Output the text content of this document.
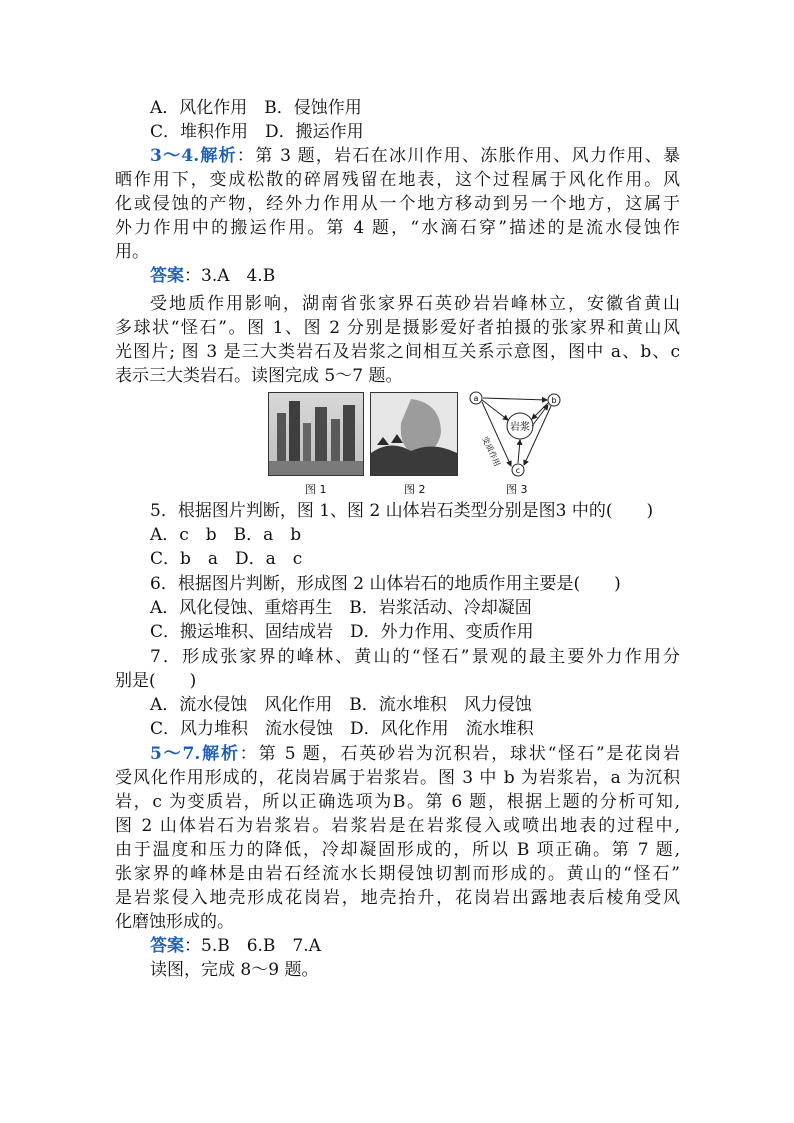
A．风化作用　B．侵蚀作用
C．堆积作用　D．搬运作用
3～4.解析：第 3 题，岩石在冰川作用、冻胀作用、风力作用、暴
晒作用下，变成松散的碎屑残留在地表，这个过程属于风化作用。风
化或侵蚀的产物，经外力作用从一个地方移动到另一个地方，这属于
外力作用中的搬运作用。第 4 题，“水滴石穿”描述的是流水侵蚀作
用。
答案：3.A　4.B
受地质作用影响，湖南省张家界石英砂岩岩峰林立，安徽省黄山
多球状“怪石”。图 1、图 2 分别是摄影爱好者拍摄的张家界和黄山风
光图片; 图 3 是三大类岩石及岩浆之间相互关系示意图，图中 a、b、c
表示三大类岩石。读图完成 5～7 题。
a	b
c
岩浆
变质作用
图 1	图 2	图 3
5．根据图片判断，图 1、图 2 山体岩石类型分别是图3 中的(　　)
A．c　b　B．a　b
C．b　a　D．a　c
6．根据图片判断，形成图 2 山体岩石的地质作用主要是(　　)
A．风化侵蚀、重熔再生　B．岩浆活动、冷却凝固
C．搬运堆积、固结成岩　D．外力作用、变质作用
7．形成张家界的峰林、黄山的“怪石”景观的最主要外力作用分
别是(　　)
A．流水侵蚀　风化作用　B．流水堆积　风力侵蚀
C．风力堆积　流水侵蚀　D．风化作用　流水堆积
5～7.解析：第 5 题，石英砂岩为沉积岩，球状“怪石”是花岗岩
受风化作用形成的，花岗岩属于岩浆岩。图 3 中 b 为岩浆岩，a 为沉积
岩，c 为变质岩，所以正确选项为B。第 6 题，根据上题的分析可知,
图 2 山体岩石为岩浆岩。岩浆岩是在岩浆侵入或喷出地表的过程中,
由于温度和压力的降低，冷却凝固形成的，所以 B 项正确。第 7 题,
张家界的峰林是由岩石经流水长期侵蚀切割而形成的。黄山的“怪石”
是岩浆侵入地壳形成花岗岩，地壳抬升，花岗岩出露地表后棱角受风
化磨蚀形成的。
答案：5.B　6.B　7.A
读图，完成 8～9 题。
